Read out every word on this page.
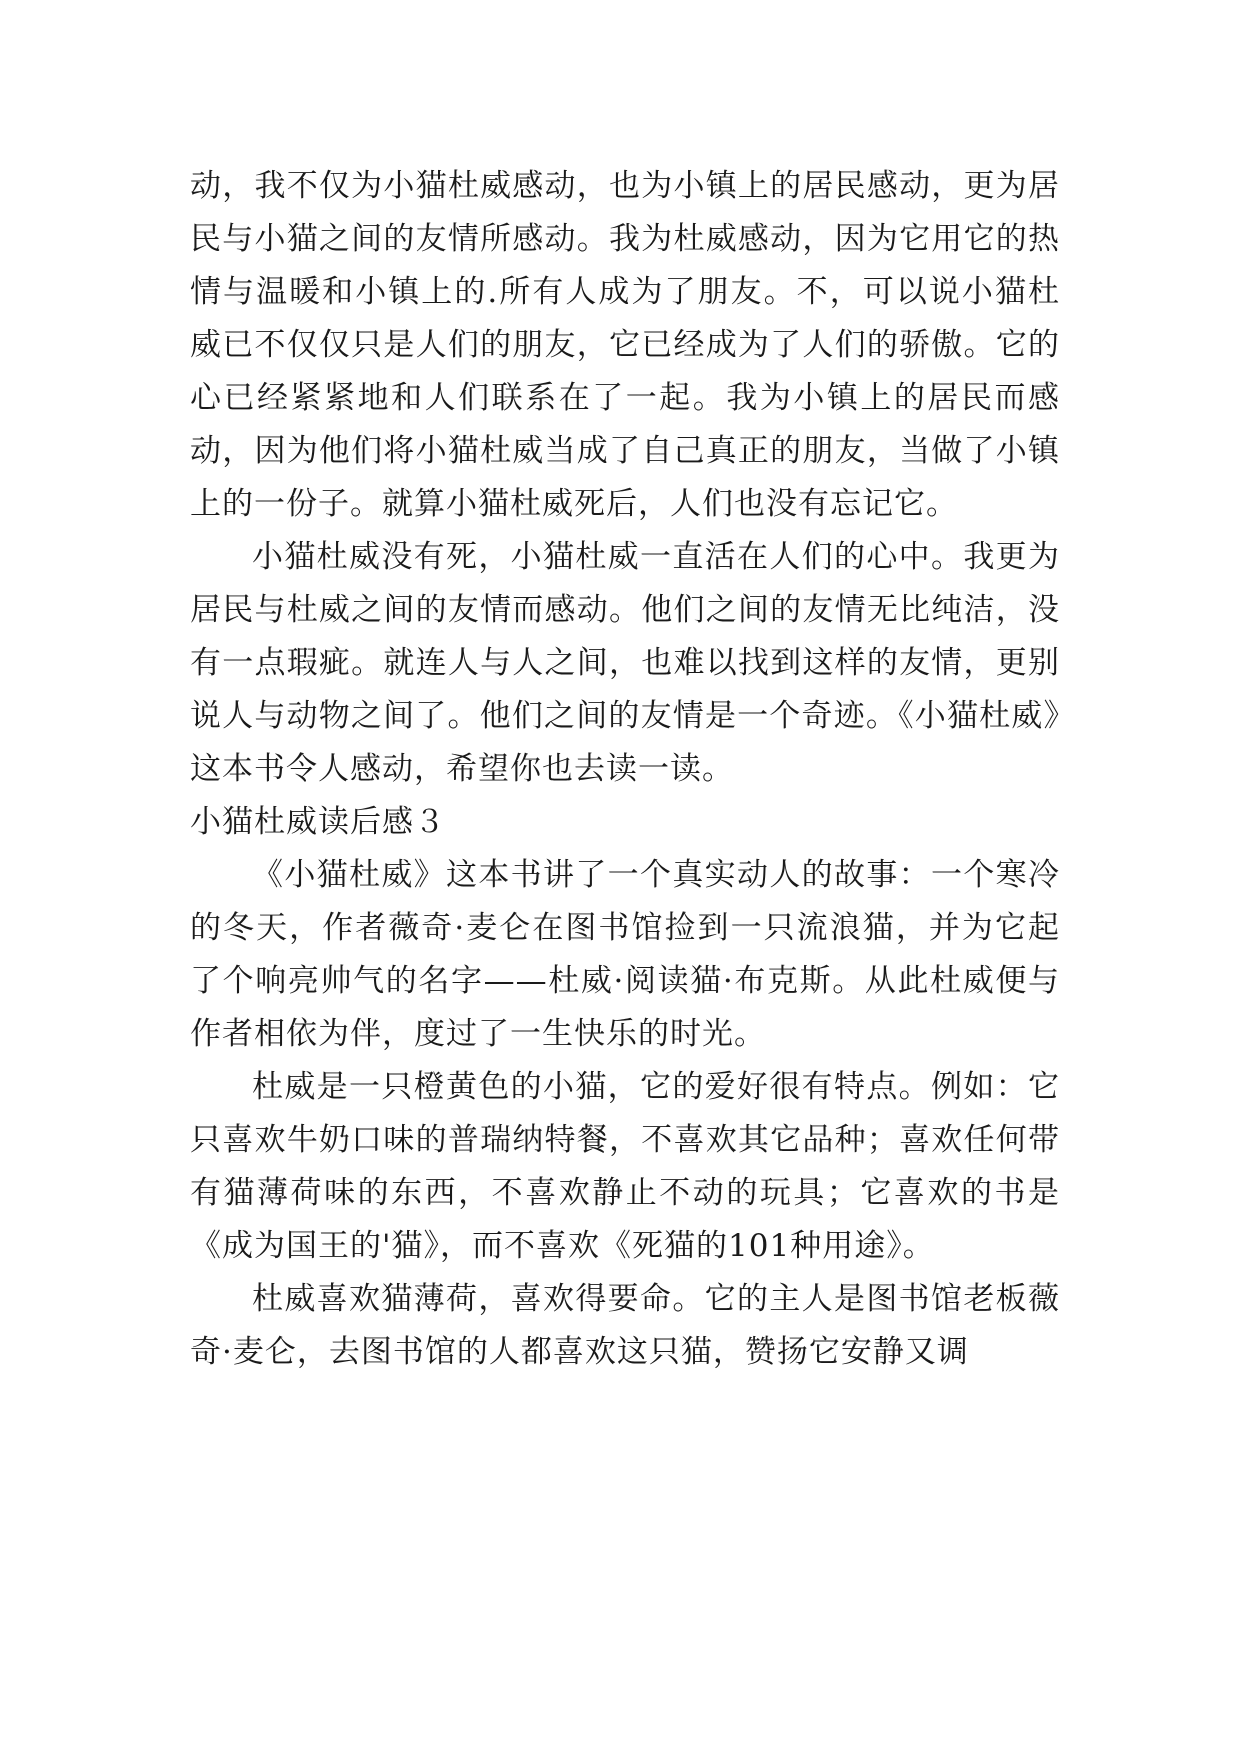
动，我不仅为小猫杜威感动，也为小镇上的居民感动，更为居民与小猫之间的友情所感动。我为杜威感动，因为它用它的热情与温暖和小镇上的.所有人成为了朋友。不，可以说小猫杜威已不仅仅只是人们的朋友，它已经成为了人们的骄傲。它的心已经紧紧地和人们联系在了一起。我为小镇上的居民而感动，因为他们将小猫杜威当成了自己真正的朋友，当做了小镇上的一份子。就算小猫杜威死后，人们也没有忘记它。

小猫杜威没有死，小猫杜威一直活在人们的心中。我更为居民与杜威之间的友情而感动。他们之间的友情无比纯洁，没有一点瑕疵。就连人与人之间，也难以找到这样的友情，更别说人与动物之间了。他们之间的友情是一个奇迹。《小猫杜威》这本书令人感动，希望你也去读一读。

小猫杜威读后感３

《小猫杜威》这本书讲了一个真实动人的故事：一个寒冷的冬天，作者薇奇·麦仑在图书馆捡到一只流浪猫，并为它起了个响亮帅气的名字——杜威·阅读猫·布克斯。从此杜威便与作者相依为伴，度过了一生快乐的时光。

杜威是一只橙黄色的小猫，它的爱好很有特点。例如：它只喜欢牛奶口味的普瑞纳特餐，不喜欢其它品种；喜欢任何带有猫薄荷味的东西，不喜欢静止不动的玩具；它喜欢的书是《成为国王的'猫》，而不喜欢《死猫的101种用途》。

杜威喜欢猫薄荷，喜欢得要命。它的主人是图书馆老板薇奇·麦仑，去图书馆的人都喜欢这只猫，赞扬它安静又调
